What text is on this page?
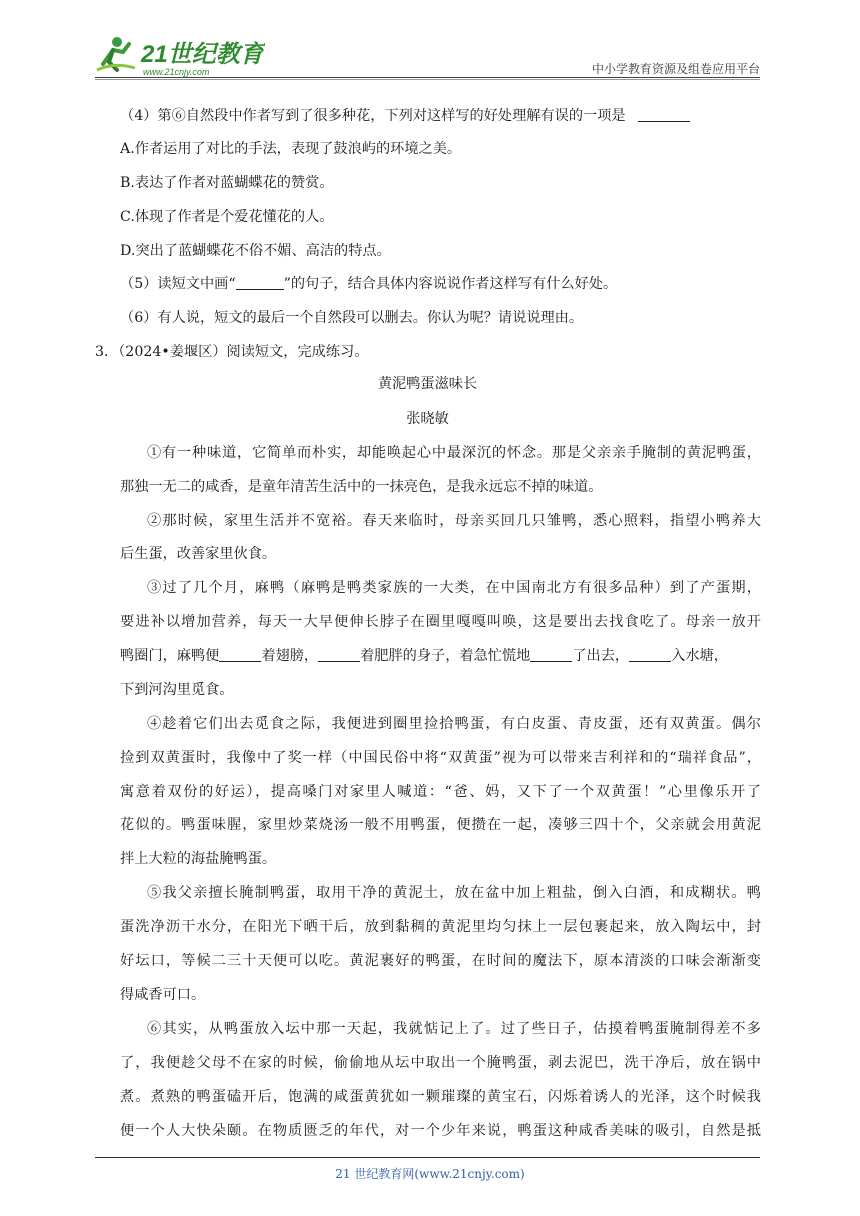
21世纪教育
www.21cnjy.com	中小学教育资源及组卷应用平台
（4）第⑥自然段中作者写到了很多种花，下列对这样写的好处理解有误的一项是
A.作者运用了对比的手法，表现了鼓浪屿的环境之美。
B.表达了作者对蓝蝴蝶花的赞赏。
C.体现了作者是个爱花懂花的人。
D.突出了蓝蝴蝶花不俗不媚、高洁的特点。
（5）读短文中画“	”的句子，结合具体内容说说作者这样写有什么好处。
（6）有人说，短文的最后一个自然段可以删去。你认为呢？请说说理由。
3．（2024•姜堰区）阅读短文，完成练习。
黄泥鸭蛋滋味长
张晓敏
①有一种味道，它简单而朴实，却能唤起心中最深沉的怀念。那是父亲亲手腌制的黄泥鸭蛋，
那独一无二的咸香，是童年清苦生活中的一抹亮色，是我永远忘不掉的味道。
②那时候，家里生活并不宽裕。春天来临时，母亲买回几只雏鸭，悉心照料，指望小鸭养大
后生蛋，改善家里伙食。
③过了几个月，麻鸭（麻鸭是鸭类家族的一大类，在中国南北方有很多品种）到了产蛋期，
要进补以增加营养，每天一大早便伸长脖子在圈里嘎嘎叫唤，这是要出去找食吃了。母亲一放开
鸭圈门，麻鸭便	着翅膀，	着肥胖的身子，着急忙慌地	了出去，	入水塘，
下到河沟里觅食。
④趁着它们出去觅食之际，我便进到圈里捡拾鸭蛋，有白皮蛋、青皮蛋，还有双黄蛋。偶尔
捡到双黄蛋时，我像中了奖一样（中国民俗中将“双黄蛋”视为可以带来吉利祥和的“瑞祥食品”，
寓意着双份的好运），提高嗓门对家里人喊道：“爸、妈，又下了一个双黄蛋！”心里像乐开了
花似的。鸭蛋味腥，家里炒菜烧汤一般不用鸭蛋，便攒在一起，凑够三四十个，父亲就会用黄泥
拌上大粒的海盐腌鸭蛋。
⑤我父亲擅长腌制鸭蛋，取用干净的黄泥土，放在盆中加上粗盐，倒入白酒，和成糊状。鸭
蛋洗净沥干水分，在阳光下晒干后，放到黏稠的黄泥里均匀抹上一层包裹起来，放入陶坛中，封
好坛口，等候二三十天便可以吃。黄泥裹好的鸭蛋，在时间的魔法下，原本清淡的口味会渐渐变
得咸香可口。
⑥其实，从鸭蛋放入坛中那一天起，我就惦记上了。过了些日子，估摸着鸭蛋腌制得差不多
了，我便趁父母不在家的时候，偷偷地从坛中取出一个腌鸭蛋，剥去泥巴，洗干净后，放在锅中
煮。煮熟的鸭蛋磕开后，饱满的咸蛋黄犹如一颗璀璨的黄宝石，闪烁着诱人的光泽，这个时候我
便一个人大快朵颐。在物质匮乏的年代，对一个少年来说，鸭蛋这种咸香美味的吸引，自然是抵
21 世纪教育网(www.21cnjy.com)
